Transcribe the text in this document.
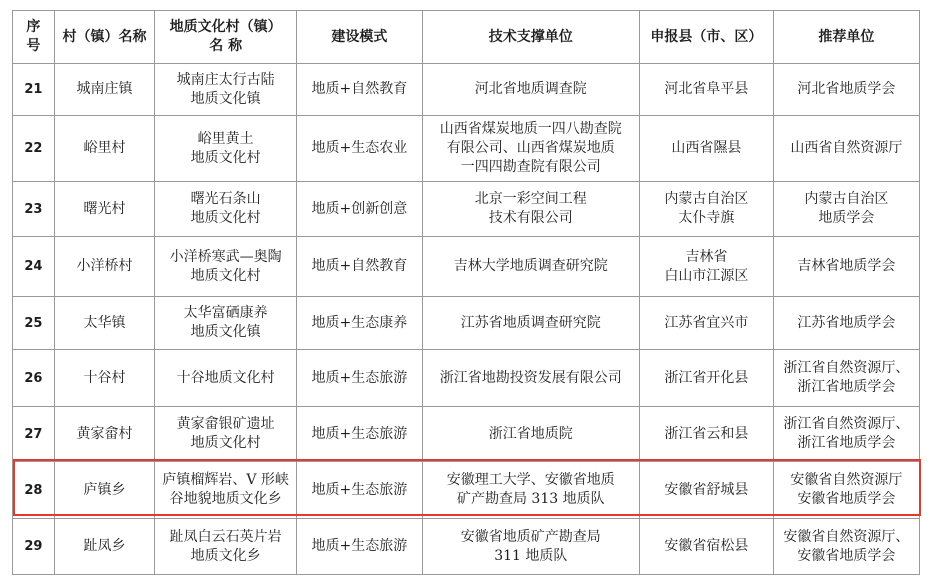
序
号	村（镇）名称	地质文化村（镇）
名 称	建设模式	技术支撑单位	申报县（市、区）	推荐单位
21	城南庄镇	城南庄太行古陆
地质文化镇	地质+自然教育	河北省地质调查院	河北省阜平县	河北省地质学会

22	峪里村	峪里黄土
地质文化村	地质+生态农业	山西省煤炭地质一四八勘查院
有限公司、山西省煤炭地质
一四四勘查院有限公司	山西省隰县	山西省自然资源厅

23	曙光村	曙光石条山
地质文化村	地质+创新创意	北京一彩空间工程
技术有限公司	内蒙古自治区
太仆寺旗	内蒙古自治区
地质学会

24	小洋桥村	小洋桥寒武—奥陶
地质文化村	地质+自然教育	吉林大学地质调查研究院	吉林省
白山市江源区	吉林省地质学会

25	太华镇	太华富硒康养
地质文化镇	地质+生态康养	江苏省地质调查研究院	江苏省宜兴市	江苏省地质学会

26	十谷村	十谷地质文化村	地质+生态旅游	浙江省地勘投资发展有限公司	浙江省开化县	浙江省自然资源厅、
浙江省地质学会

27	黄家畲村	黄家畲银矿遗址
地质文化村	地质+生态旅游	浙江省地质院	浙江省云和县	浙江省自然资源厅、
浙江省地质学会

28	庐镇乡	庐镇榴辉岩、V 形峡
谷地貌地质文化乡	地质+生态旅游	安徽理工大学、安徽省地质
矿产勘查局 313 地质队	安徽省舒城县	安徽省自然资源厅
安徽省地质学会

29	趾凤乡	趾凤白云石英片岩
地质文化乡	地质+生态旅游	安徽省地质矿产勘查局
311 地质队	安徽省宿松县	安徽省自然资源厅、
安徽省地质学会
